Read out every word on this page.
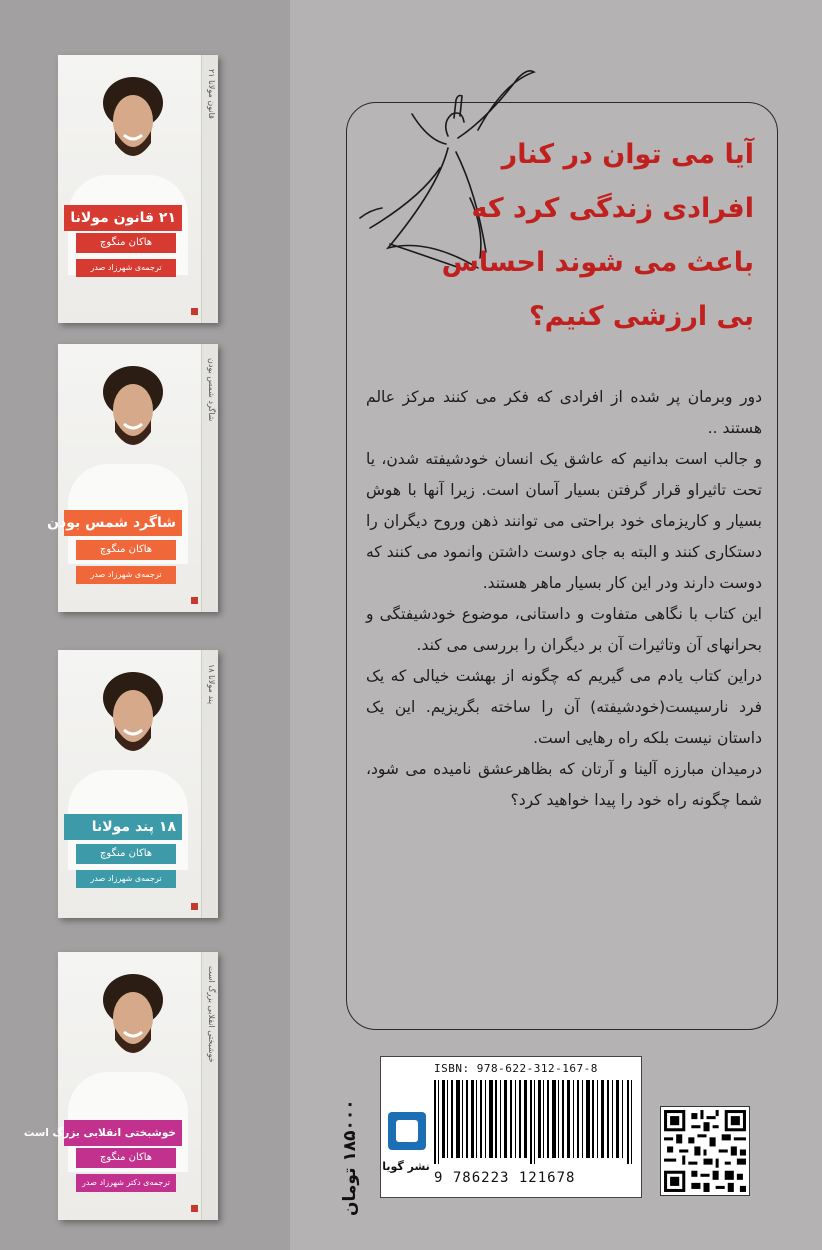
۲۱ قانون مولانا
هاکان منگوچ
ترجمه‌ی شهرزاد صدر
۲۱ قانون مولانا
شاگرد شمس بودن
هاکان منگوچ
ترجمه‌ی شهرزاد صدر
شاگرد شمس بودن
۱۸ پند مولانا
هاکان منگوچ
ترجمه‌ی شهرزاد صدر
۱۸ پند مولانا
خوشبختی انقلابی بزرگ است
هاکان منگوچ
ترجمه‌ی دکتر شهرزاد صدر
خوشبختی انقلابی بزرگ است
آیا می توان در کنار افرادی زندگی کرد که باعث می شوند احساس بی ارزشی کنیم؟

دور وبرمان پر شده از افرادی که فکر می کنند مرکز عالم هستند ..

و جالب است بدانیم که عاشق یک انسان خودشیفته شدن، یا تحت تاثیراو قرار گرفتن بسیار آسان است. زیرا آنها با هوش بسیار و کاریزمای خود براحتی می توانند ذهن وروح دیگران را دستکاری کنند و البته به جای دوست داشتن وانمود می کنند که دوست دارند ودر این کار بسیار ماهر هستند.

این کتاب با نگاهی متفاوت و داستانی، موضوع خودشیفتگی و بحرانهای آن وتاثیرات آن بر دیگران را بررسی می کند.

دراین کتاب یادم می گیریم که چگونه از بهشت خیالی که یک فرد نارسیست(خودشیفته) آن را ساخته بگریزیم. این یک داستان نیست بلکه راه رهایی است.

درمیدان مبارزه آلینا و آرتان که بظاهرعشق نامیده می شود، شما چگونه راه خود را پیدا خواهید کرد؟

۱۸۵۰۰۰ تومان
نشر گویا
ISBN: 978-622-312-167-8
9 786223 121678
